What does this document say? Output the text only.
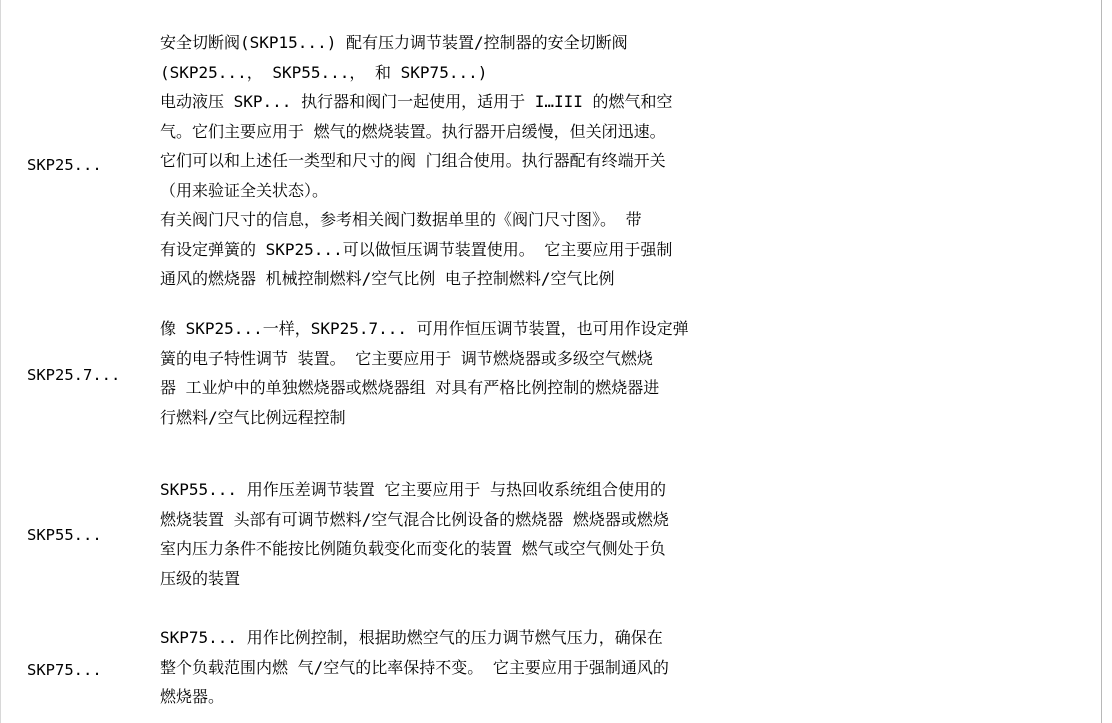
SKP25...
安全切断阀(SKP15...) 配有压力调节装置/控制器的安全切断阀
(SKP25...， SKP55...， 和 SKP75...)
电动液压 SKP... 执行器和阀门一起使用，适用于 I…III 的燃气和空
气。它们主要应用于 燃气的燃烧装置。执行器开启缓慢，但关闭迅速。
它们可以和上述任一类型和尺寸的阀 门组合使用。执行器配有终端开关
（用来验证全关状态）。
有关阀门尺寸的信息，参考相关阀门数据单里的《阀门尺寸图》。 带
有设定弹簧的 SKP25...可以做恒压调节装置使用。 它主要应用于强制
通风的燃烧器 机械控制燃料/空气比例 电子控制燃料/空气比例
SKP25.7...
像 SKP25...一样，SKP25.7... 可用作恒压调节装置，也可用作设定弹
簧的电子特性调节 装置。 它主要应用于 调节燃烧器或多级空气燃烧
器 工业炉中的单独燃烧器或燃烧器组 对具有严格比例控制的燃烧器进
行燃料/空气比例远程控制
SKP55...
SKP55... 用作压差调节装置 它主要应用于 与热回收系统组合使用的
燃烧装置 头部有可调节燃料/空气混合比例设备的燃烧器 燃烧器或燃烧
室内压力条件不能按比例随负载变化而变化的装置 燃气或空气侧处于负
压级的装置
SKP75...
SKP75... 用作比例控制，根据助燃空气的压力调节燃气压力，确保在
整个负载范围内燃 气/空气的比率保持不变。 它主要应用于强制通风的
燃烧器。
